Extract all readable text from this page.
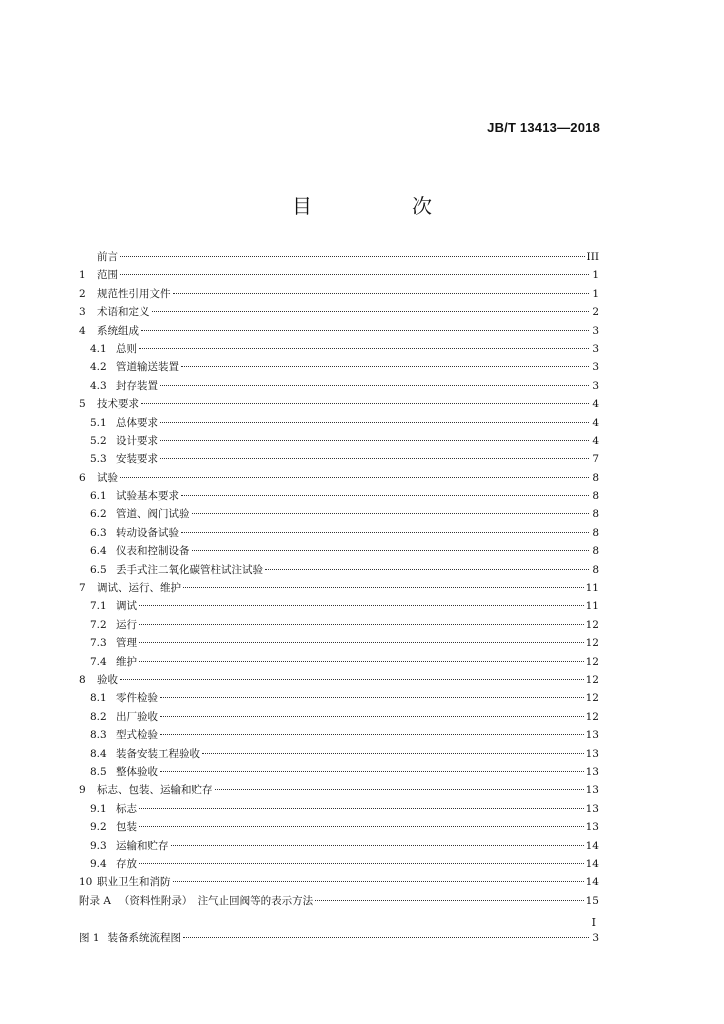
JB/T 13413—2018
目　次
前言	III
1	范围	1
2	规范性引用文件	1
3	术语和定义	2
4	系统组成	3
4.1 总则	3
4.2 管道输送装置	3
4.3 封存装置	3
5	技术要求	4
5.1 总体要求	4
5.2 设计要求	4
5.3 安装要求	7
6	试验	8
6.1 试验基本要求	8
6.2 管道、阀门试验	8
6.3 转动设备试验	8
6.4 仪表和控制设备	8
6.5 丢手式注二氧化碳管柱试注试验	8
7	调试、运行、维护	11
7.1 调试	11
7.2 运行	12
7.3 管理	12
7.4 维护	12
8	验收	12
8.1 零件检验	12
8.2 出厂验收	12
8.3 型式检验	13
8.4 装备安装工程验收	13
8.5 整体验收	13
9	标志、包装、运输和贮存	13
9.1 标志	13
9.2 包装	13
9.3 运输和贮存	14
9.4 存放	14
10 职业卫生和消防	14
附录 A （资料性附录）　注气止回阀等的表示方法	15
图 1 装备系统流程图	3
I
